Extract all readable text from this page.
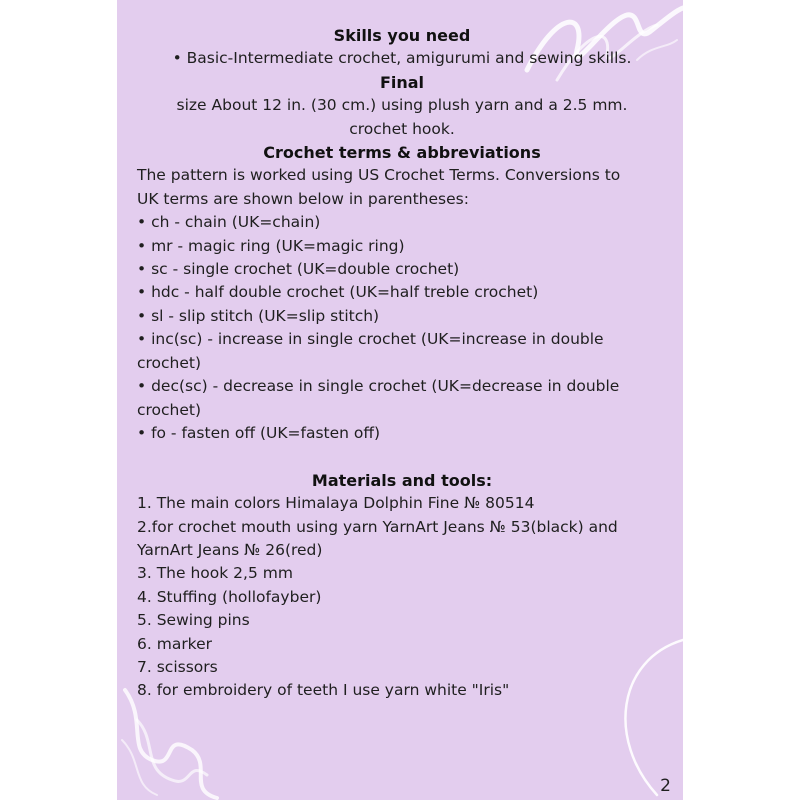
Skills you need
• Basic-Intermediate crochet, amigurumi and sewing skills.
Final
size About 12 in. (30 cm.) using plush yarn and a 2.5 mm.
crochet hook.
Crochet terms & abbreviations
The pattern is worked using US Crochet Terms. Conversions to
UK terms are shown below in parentheses:
• ch - chain (UK=chain)
• mr - magic ring (UK=magic ring)
• sc - single crochet (UK=double crochet)
• hdc - half double crochet (UK=half treble crochet)
• sl - slip stitch (UK=slip stitch)
• inc(sc) - increase in single crochet (UK=increase in double
crochet)
• dec(sc) - decrease in single crochet (UK=decrease in double
crochet)
• fo - fasten off (UK=fasten off)
Materials and tools:
1. The main colors Himalaya Dolphin Fine № 80514
2.for crochet mouth using yarn YarnArt Jeans № 53(black) and
YarnArt Jeans № 26(red)
3. The hook 2,5 mm
4. Stuffing (hollofayber)
5. Sewing pins
6. marker
7. scissors
8. for embroidery of teeth I use yarn white "Iris"
2
